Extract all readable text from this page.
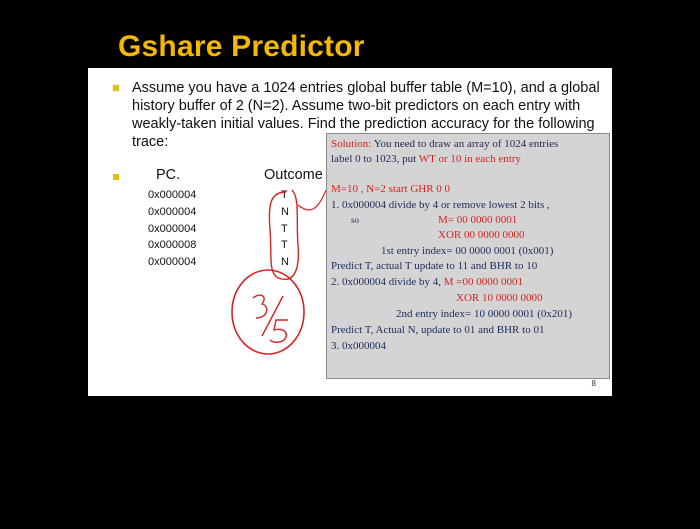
Gshare Predictor
Assume you have a 1024 entries global buffer table (M=10), and a global history buffer of 2 (N=2). Assume two-bit predictors on each entry with weakly-taken initial values. Find the prediction accuracy for the following trace:
PC.	Outcome
0x000004
0x000004
0x000004
0x000008
0x000004
T
N
T
T
N
8
Solution: You need to draw an array of 1024 entries
label 0 to 1023, put WT or 10 in each entry
M=10 , N=2 start GHR 0 0
1. 0x000004 divide by 4 or remove lowest 2 bits ,
so	M= 00 0000 0001
XOR 00 0000 0000
1st entry index= 00 0000 0001 (0x001)
Predict T, actual T update to 11 and BHR to 10
2. 0x000004 divide by 4, M =00 0000 0001
XOR 10 0000 0000
2nd entry index= 10 0000 0001 (0x201)
Predict T, Actual N, update to 01 and BHR to 01
3. 0x000004
